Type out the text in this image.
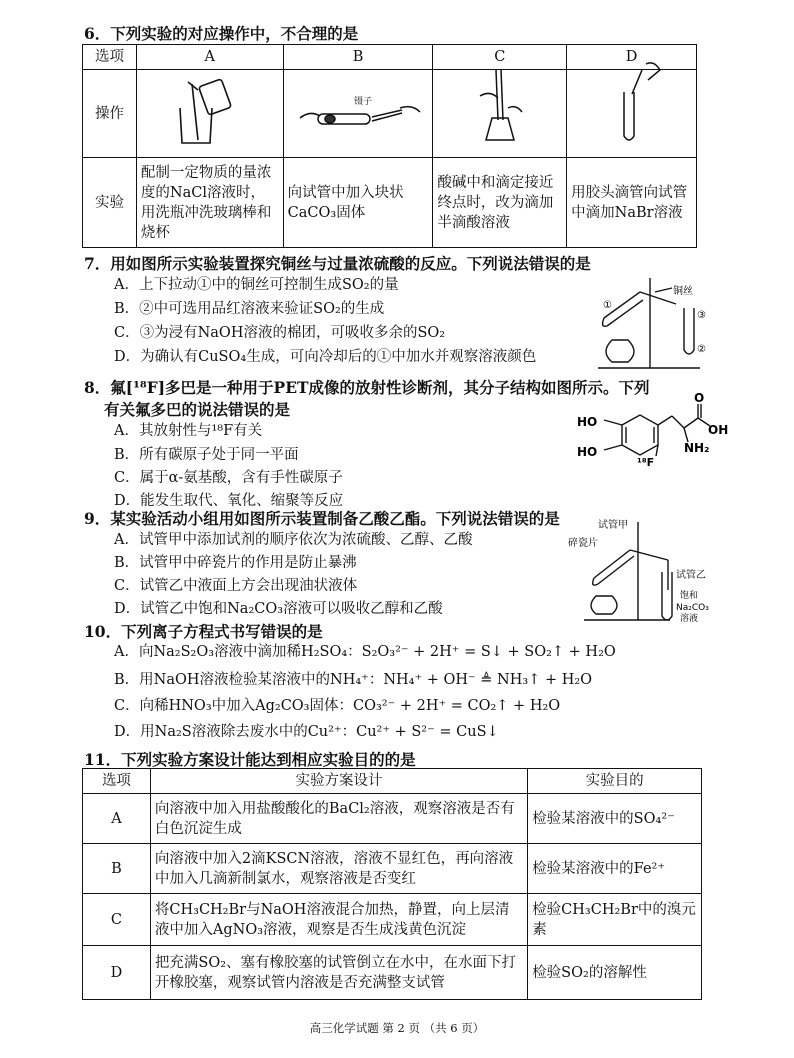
6．下列实验的对应操作中，不合理的是
选项	A	B	C	D
操作				
实验	配制一定物质的量浓度的NaCl溶液时，用洗瓶冲洗玻璃棒和烧杯	向试管中加入块状CaCO₃固体	酸碱中和滴定接近终点时，改为滴加半滴酸溶液	用胶头滴管向试管中滴加NaBr溶液
镊子
7．用如图所示实验装置探究铜丝与过量浓硫酸的反应。下列说法错误的是
A．上下拉动①中的铜丝可控制生成SO₂的量
B．②中可选用品红溶液来验证SO₂的生成
C．③为浸有NaOH溶液的棉团，可吸收多余的SO₂
D．为确认有CuSO₄生成，可向冷却后的①中加水并观察溶液颜色
铜丝
①
②
③
8．氟[¹⁸F]多巴是一种用于PET成像的放射性诊断剂，其分子结构如图所示。下列
有关氟多巴的说法错误的是
A．其放射性与¹⁸F有关
B．所有碳原子处于同一平面
C．属于α-氨基酸，含有手性碳原子
D．能发生取代、氧化、缩聚等反应
HO
HO
O
OH
NH₂
¹⁸F
9．某实验活动小组用如图所示装置制备乙酸乙酯。下列说法错误的是
A．试管甲中添加试剂的顺序依次为浓硫酸、乙醇、乙酸
B．试管甲中碎瓷片的作用是防止暴沸
C．试管乙中液面上方会出现油状液体
D．试管乙中饱和Na₂CO₃溶液可以吸收乙醇和乙酸
试管甲
碎瓷片
试管乙
饱和
Na₂CO₃
溶液
10．下列离子方程式书写错误的是
A．向Na₂S₂O₃溶液中滴加稀H₂SO₄：S₂O₃²⁻ + 2H⁺ = S↓ + SO₂↑ + H₂O
B．用NaOH溶液检验某溶液中的NH₄⁺：NH₄⁺ + OH⁻ ≜ NH₃↑ + H₂O
C．向稀HNO₃中加入Ag₂CO₃固体：CO₃²⁻ + 2H⁺ = CO₂↑ + H₂O
D．用Na₂S溶液除去废水中的Cu²⁺：Cu²⁺ + S²⁻ = CuS↓
11．下列实验方案设计能达到相应实验目的的是
选项	实验方案设计	实验目的
A	向溶液中加入用盐酸酸化的BaCl₂溶液，观察溶液是否有白色沉淀生成	检验某溶液中的SO₄²⁻
B	向溶液中加入2滴KSCN溶液，溶液不显红色，再向溶液中加入几滴新制氯水，观察溶液是否变红	检验某溶液中的Fe²⁺
C	将CH₃CH₂Br与NaOH溶液混合加热，静置，向上层清液中加入AgNO₃溶液，观察是否生成浅黄色沉淀	检验CH₃CH₂Br中的溴元素
D	把充满SO₂、塞有橡胶塞的试管倒立在水中，在水面下打开橡胶塞，观察试管内溶液是否充满整支试管	检验SO₂的溶解性
高三化学试题 第 2 页 （共 6 页）
